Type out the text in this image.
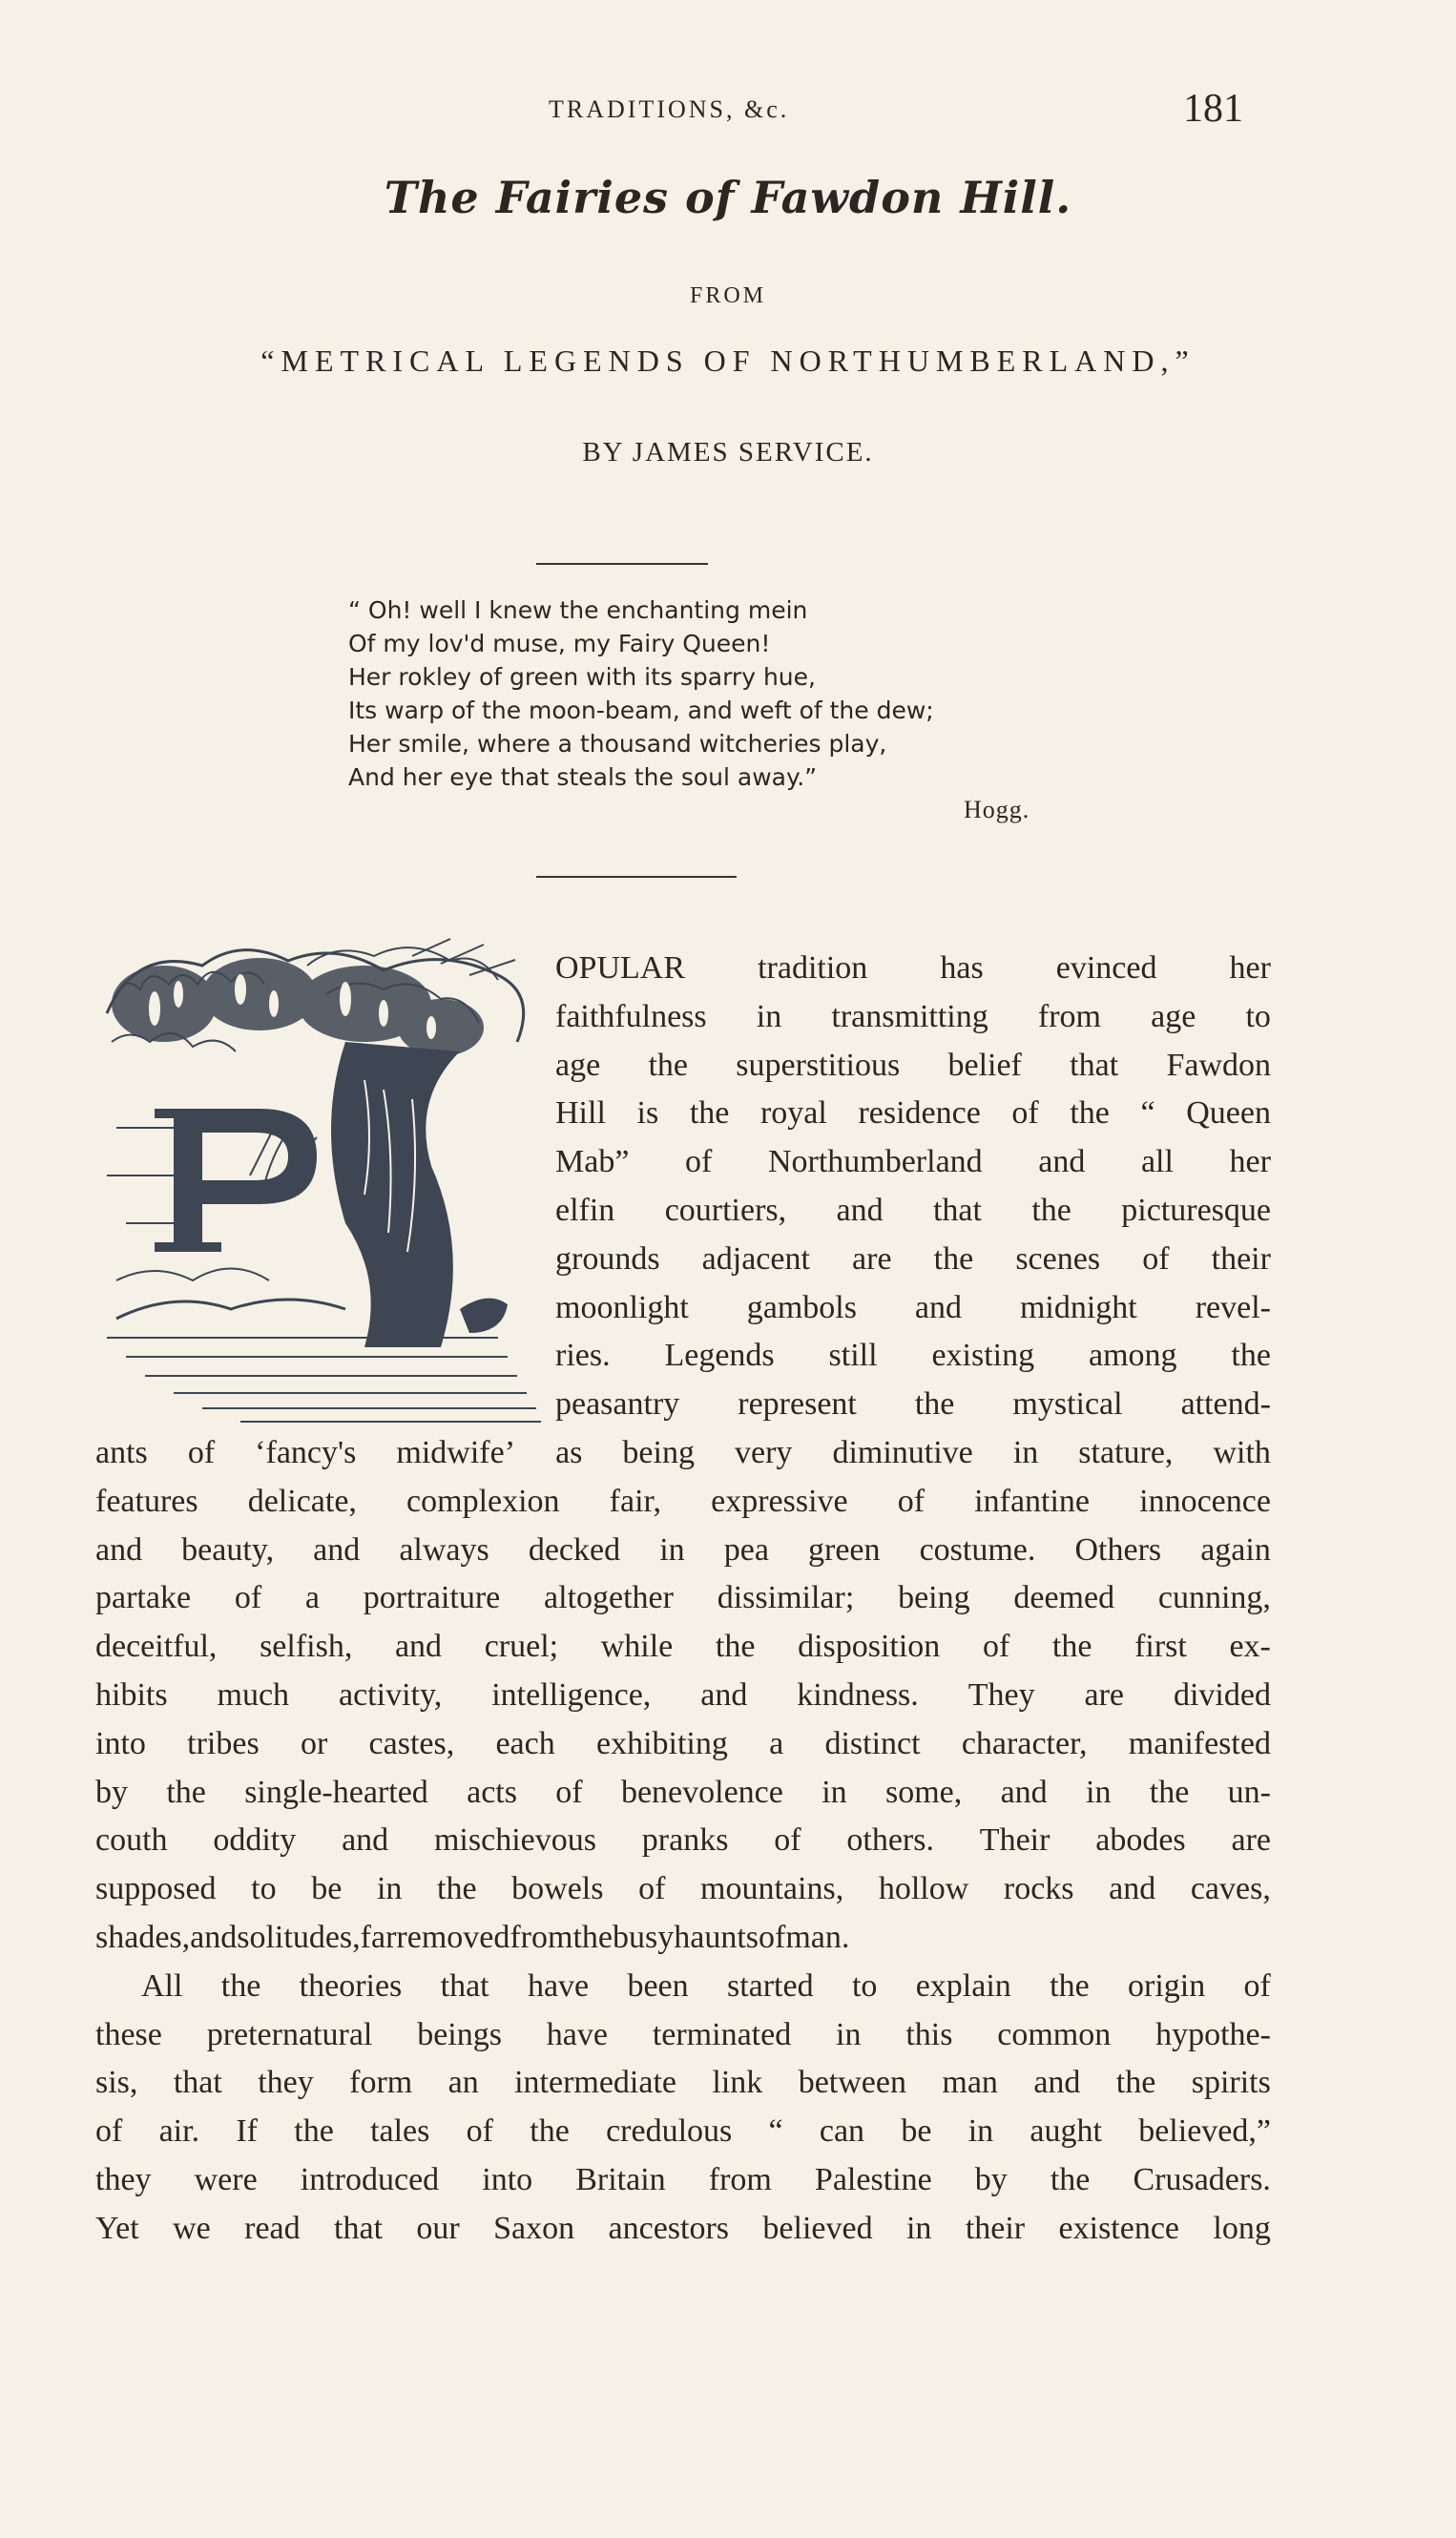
TRADITIONS, &c.	181
The Fairies of Fawdon Hill.
FROM
“METRICAL LEGENDS OF NORTHUMBERLAND,”
BY JAMES SERVICE.
“ Oh! well I knew the enchanting mein
Of my lov'd muse, my Fairy Queen!
Her rokley of green with its sparry hue,
Its warp of the moon-beam, and weft of the dew;
Her smile, where a thousand witcheries play,
And her eye that steals the soul away.”
Hogg.
OPULAR tradition has evinced her
faithfulness in transmitting from age to
age the superstitious belief that Fawdon
Hill is the royal residence of the “ Queen
Mab” of Northumberland and all her
elfin courtiers, and that the picturesque
grounds adjacent are the scenes of their
moonlight gambols and midnight revel-
ries. Legends still existing among the
peasantry represent the mystical attend-
ants of ‘fancy's midwife’ as being very diminutive in stature, with
features delicate, complexion fair, expressive of infantine innocence
and beauty, and always decked in pea green costume. Others again
partake of a portraiture altogether dissimilar; being deemed cunning,
deceitful, selfish, and cruel; while the disposition of the first ex-
hibits much activity, intelligence, and kindness. They are divided
into tribes or castes, each exhibiting a distinct character, manifested
by the single-hearted acts of benevolence in some, and in the un-
couth oddity and mischievous pranks of others. Their abodes are
supposed to be in the bowels of mountains, hollow rocks and caves,
shades, and solitudes, far removed from the busy haunts of man.
All the theories that have been started to explain the origin of
these preternatural beings have terminated in this common hypothe-
sis, that they form an intermediate link between man and the spirits
of air. If the tales of the credulous “ can be in aught believed,”
they were introduced into Britain from Palestine by the Crusaders.
Yet we read that our Saxon ancestors believed in their existence long
